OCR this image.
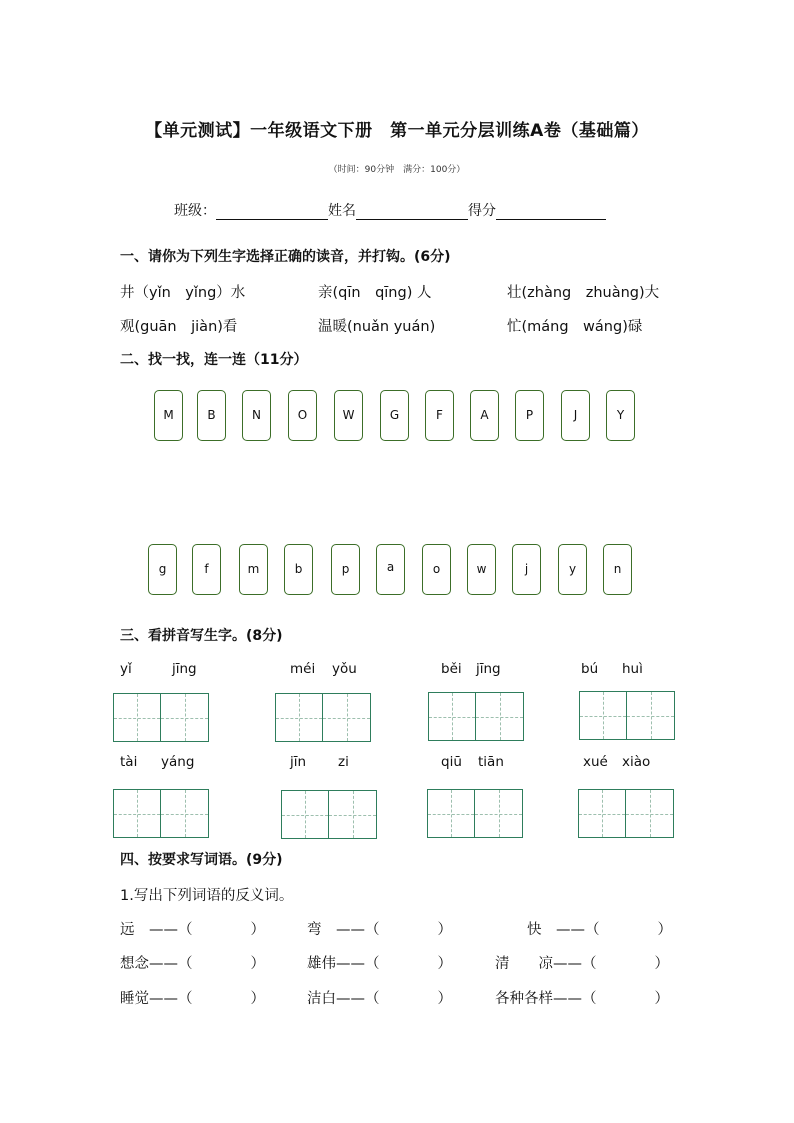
【单元测试】一年级语文下册　第一单元分层训练A卷（基础篇）
（时间：90分钟　满分：100分）
班级：	姓名	得分
一、请你为下列生字选择正确的读音，并打钩。(6分)
井（yǐn　yǐng）水	亲(qīn　qīng) 人	壮(zhàng　zhuàng)大
观(guān　jiàn)看	温暖(nuǎn yuán)	忙(máng　wáng)碌
二、找一找，连一连（11分）
M	B	N	O	W	G	F	A	P	J	Y
g	f	m	b	p	a	o	w	j	y	n
三、看拼音写生字。(8分)
yǐ	jīng	méi yǒu	běi jīng	bú huì
tài yáng	jīn zi	qiū tiān	xué xiào
四、按要求写词语。(9分)
1.写出下列词语的反义词。
远　——（　　　　）	弯　——（　　　　）	快　——（　　　　）
想念——（　　　　）	雄伟——（　　　　）	清　　凉——（　　　　）
睡觉——（　　　　）	洁白——（　　　　）	各种各样——（　　　　）
